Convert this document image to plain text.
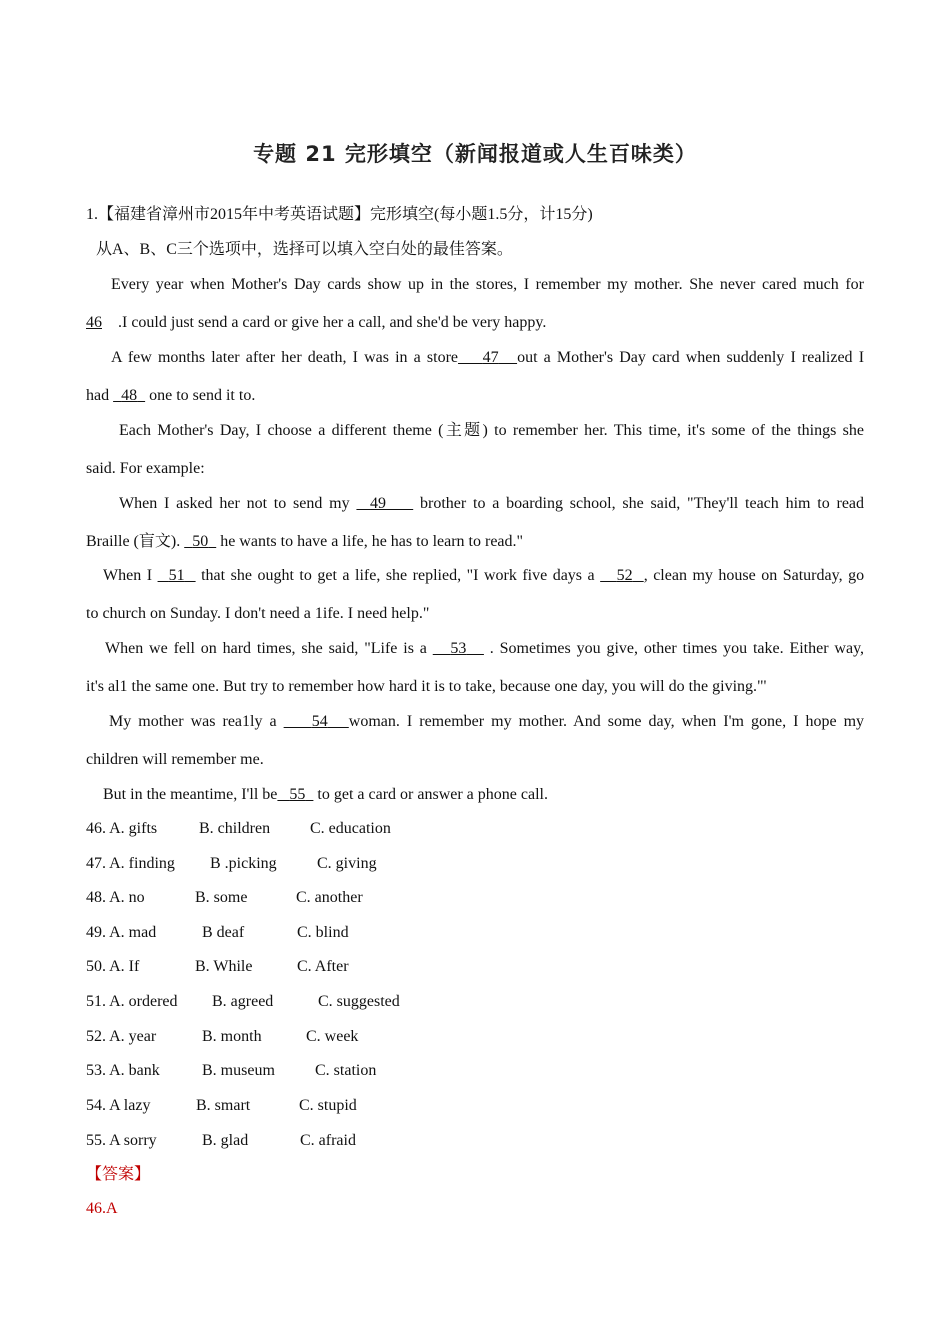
专题 21 完形填空（新闻报道或人生百味类）
1.【福建省漳州市2015年中考英语试题】完形填空(每小题1.5分，计15分)
从A、B、C三个选项中，选择可以填入空白处的最佳答案。
Every year when Mother's Day cards show up in the stores, I remember my mother. She never cared much for
46 .I could just send a card or give her a call, and she'd be very happy.
A few months later after her death, I was in a store 47 out a Mother's Day card when suddenly I realized I
had 48 one to send it to.
Each Mother's Day, I choose a different theme (主题) to remember her. This time, it's some of the things she
said. For example:
When I asked her not to send my 49 brother to a boarding school, she said, "They'll teach him to read
Braille (盲文). 50 he wants to have a life, he has to learn to read."
When I 51 that she ought to get a life, she replied, "I work five days a 52 , clean my house on Saturday, go
to church on Sunday. I don't need a 1ife. I need help."
When we fell on hard times, she said, "Life is a 53 . Sometimes you give, other times you take. Either way,
it's al1 the same one. But try to remember how hard it is to take, because one day, you will do the giving."'
My mother was rea1ly a 54 woman. I remember my mother. And some day, when I'm gone, I hope my
children will remember me.
But in the meantime, I'll be 55 to get a card or answer a phone call.
46. A. gifts	B. children C. education
47. A. finding B .picking	C. giving
48. A. no	B. some	C. another
49. A. mad	B deaf	C. blind
50. A. If	B. While	C. After
51. A. ordered B. agreed	C. suggested
52. A. year	B. month	C. week
53. A. bank	B. museum	C. station
54. A lazy	B. smart	C. stupid
55. A sorry	B. glad	C. afraid
【答案】
46.A
